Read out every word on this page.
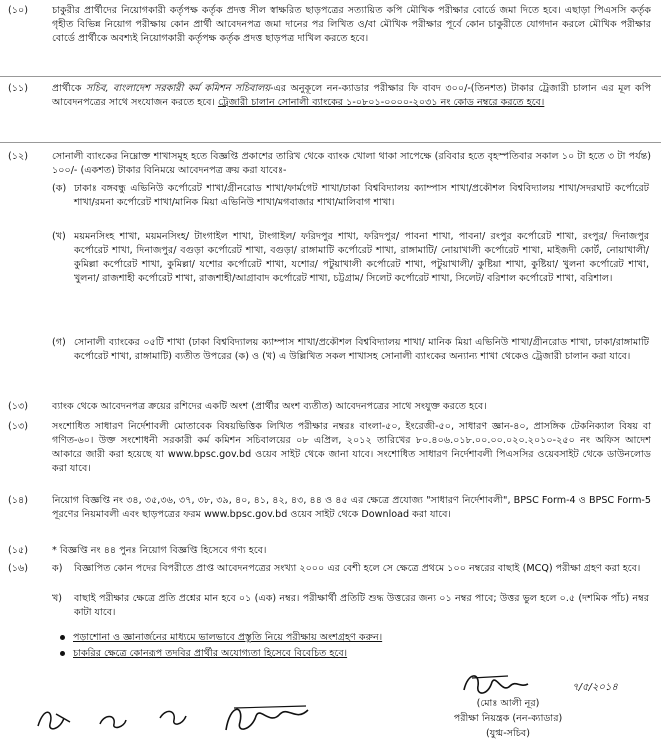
(১০)	চাকুরীর প্রার্থীদের নিয়োগকারী কর্তৃপক্ষ কর্তৃক প্রদত্ত সীল স্বাক্ষরিত ছাড়পত্রের সত্যায়িত কপি মৌখিক পরীক্ষার বোর্ডে জমা দিতে হবে। এছাড়া পিএসসি কর্তৃক গৃহীত বিভিন্ন নিয়োগ পরীক্ষায় কোন প্রার্থী আবেদনপত্র জমা দানের পর লিখিত ও/বা মৌখিক পরীক্ষার পূর্বে কোন চাকুরীতে যোগদান করলে মৌখিক পরীক্ষার বোর্ডে প্রার্থীকে অবশ্যই নিয়োগকারী কর্তৃপক্ষ কর্তৃক প্রদত্ত ছাড়পত্র দাখিল করতে হবে।
(১১)	প্রার্থীকে সচিব, বাংলাদেশ সরকারী কর্ম কমিশন সচিবালয়-এর অনুকূলে নন-ক্যাডার পরীক্ষার ফি বাবদ ৩০০/-(তিনশত) টাকার ট্রেজারী চালান এর মূল কপি আবেদনপত্রের সাথে সংযোজন করতে হবে। ট্রেজারী চালান সোনালী ব্যাংকের ১-০৮০১-০০০০-২০৩১ নং কোড নম্বরে করতে হবে।
(১২)	সোনালী ব্যাংকের নিম্নোক্ত শাখাসমূহ হতে বিজ্ঞপ্তি প্রকাশের তারিখ থেকে ব্যাংক খোলা থাকা সাপেক্ষে (রবিবার হতে বৃহস্পতিবার সকাল ১০ টা হতে ৩ টা পর্যন্ত) ১০০/- (একশত) টাকার বিনিময়ে আবেদনপত্র ক্রয় করা যাবেঃ-
(ক) ঢাকাঃ বঙ্গবন্ধু এভিনিউ কর্পোরেট শাখা/গ্রীনরোড শাখা/ফার্মগেট শাখা/ঢাকা বিশ্ববিদ্যালয় ক্যাম্পাস শাখা/প্রকৌশল বিশ্ববিদ্যালয় শাখা/সদরঘাট কর্পোরেট শাখা/রমনা কর্পোরেট শাখা/মানিক মিয়া এভিনিউ শাখা/মগবাজার শাখা/মালিবাগ শাখা।
(খ) ময়মনসিংহ শাখা, ময়মনসিংহ/ টাংগাইল শাখা, টাংগাইল/ ফরিদপুর শাখা, ফরিদপুর/ পাবনা শাখা, পাবনা/ রংপুর কর্পোরেট শাখা, রংপুর/ দিনাজপুর কর্পোরেট শাখা, দিনাজপুর/ বগুড়া কর্পোরেট শাখা, বগুড়া/ রাঙ্গামাটি কর্পোরেট শাখা, রাঙ্গামাটি/ নোয়াখালী কর্পোরেট শাখা, মাইজদী কোর্ট, নোয়াখালী/ কুমিল্লা কর্পোরেট শাখা, কুমিল্লা/ যশোর কর্পোরেট শাখা, যশোর/ পটুয়াখালী কর্পোরেট শাখা, পটুয়াখালী/ কুষ্টিয়া শাখা, কুষ্টিয়া/ খুলনা কর্পোরেট শাখা, খুলনা/ রাজশাহী কর্পোরেট শাখা, রাজশাহী/আগ্রাবাদ কর্পোরেট শাখা, চট্টগ্রাম/ সিলেট কর্পোরেট শাখা, সিলেট/ বরিশাল কর্পোরেট শাখা, বরিশাল।
(গ) সোনালী ব্যাংকের ০৫টি শাখা (ঢাকা বিশ্ববিদ্যালয় ক্যাম্পাস শাখা/প্রকৌশল বিশ্ববিদ্যালয় শাখা/ মানিক মিয়া এভিনিউ শাখা/গ্রীনরোড শাখা, ঢাকা/রাঙ্গামাটি কর্পোরেট শাখা, রাঙ্গামাটি) ব্যতীত উপরের (ক) ও (খ) এ উল্লিখিত সকল শাখাসহ সোনালী ব্যাংকের অন্যান্য শাখা থেকেও ট্রেজারী চালান করা যাবে।
(১৩)	ব্যাংক থেকে আবেদনপত্র ক্রয়ের রশিদের একটি অংশ (প্রার্থীর অংশ ব্যতীত) আবেদনপত্রের সাথে সংযুক্ত করতে হবে।
(১৩)	সংশোধিত সাধারণ নির্দেশাবলী মোতাবেক বিষয়ভিত্তিক লিখিত পরীক্ষার নম্বরঃ বাংলা-৫০, ইংরেজী-৫০, সাধারণ জ্ঞান-৪০, প্রাসঙ্গিক টেকনিক্যাল বিষয় বা গণিত-৬০। উক্ত সংশোধনী সরকারী কর্ম কমিশন সচিবালয়ের ০৮ এপ্রিল, ২০১২ তারিখের ৮০.৪০৬.০১৮.০০.০০.০২০.২০১০-২৫০ নং অফিস আদেশ আকারে জারী করা হয়েছে যা www.bpsc.gov.bd ওয়েব সাইট থেকে জানা যাবে। সংশোধিত সাধারণ নির্দেশাবলী পিএসসির ওয়েবসাইট থেকে ডাউনলোড করা যাবে।
(১৪)	নিয়োগ বিজ্ঞপ্তি নং ৩৪, ৩৫,৩৬, ৩৭, ৩৮, ৩৯, ৪০, ৪১, ৪২, ৪৩, ৪৪ ও ৪৫ এর ক্ষেত্রে প্রযোজ্য "সাধারণ নির্দেশাবলী", BPSC Form-4 ও BPSC Form-5 পূরণের নিয়মাবলী এবং ছাড়পত্রের ফরম www.bpsc.gov.bd ওয়েব সাইট থেকে Download করা যাবে।
(১৫)	* বিজ্ঞপ্তি নং ৪৪ পুনঃ নিয়োগ বিজ্ঞপ্তি হিসেবে গণ্য হবে।
(১৬)	ক) বিজ্ঞাপিত কোন পদের বিপরীতে প্রাপ্ত আবেদনপত্রের সংখ্যা ২০০০ এর বেশী হলে সে ক্ষেত্রে প্রথমে ১০০ নম্বরের বাছাই (MCQ) পরীক্ষা গ্রহণ করা হবে।
খ) বাছাই পরীক্ষার ক্ষেত্রে প্রতি প্রশ্নের মান হবে ০১ (এক) নম্বর। পরীক্ষার্থী প্রতিটি শুদ্ধ উত্তরের জন্য ০১ নম্বর পাবে; উত্তর ভুল হলে ০.৫ (দশমিক পাঁচ) নম্বর কাটা যাবে।
পড়াশোনা ও জ্ঞানার্জনের মাধ্যমে ভালভাবে প্রস্তুতি নিয়ে পরীক্ষায় অংশগ্রহণ করুন।
চাকরির ক্ষেত্রে কোনরূপ তদবির প্রার্থীর অযোগ্যতা হিসেবে বিবেচিত হবে।
৭/৫/২০১৪
(মোঃ আলী নূর)
পরীক্ষা নিয়ন্ত্রক (নন-ক্যাডার)
(যুগ্ম-সচিব)
